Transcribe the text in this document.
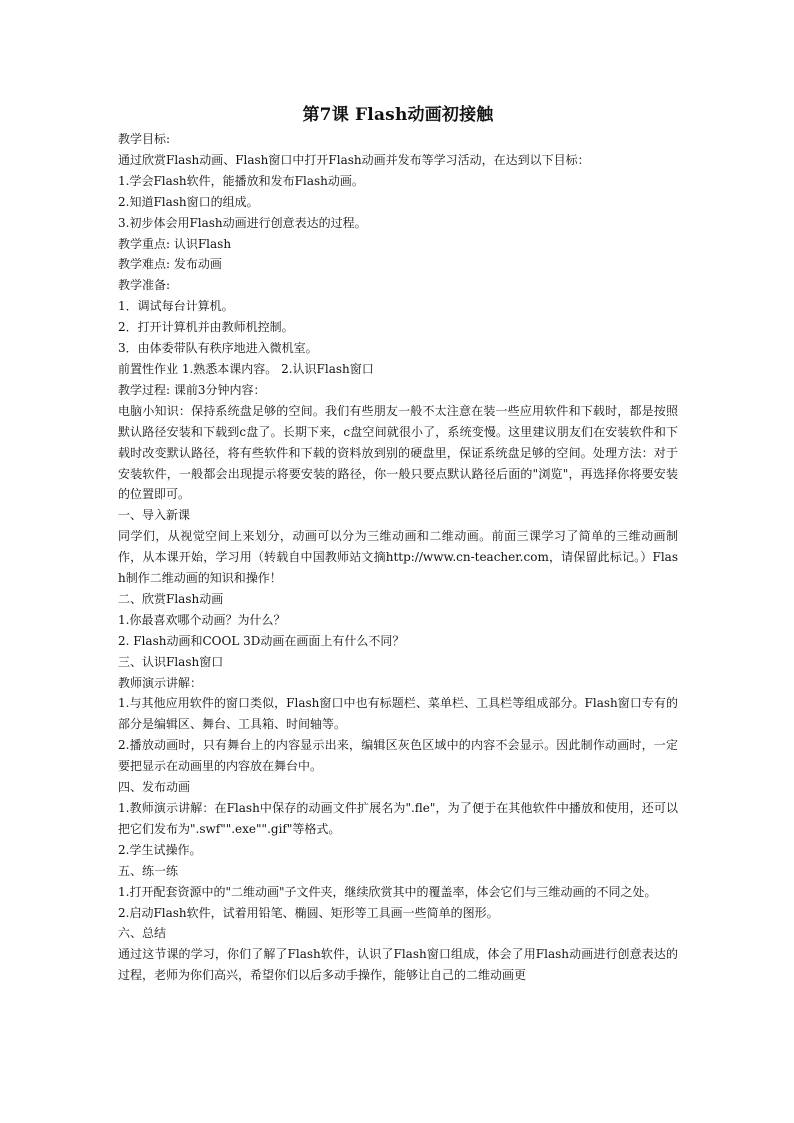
第7课 Flash动画初接触

教学目标:

通过欣赏Flash动画、Flash窗口中打开Flash动画并发布等学习活动，在达到以下目标：

1.学会Flash软件，能播放和发布Flash动画。

2.知道Flash窗口的组成。

3.初步体会用Flash动画进行创意表达的过程。

教学重点: 认识Flash

教学难点: 发布动画

教学准备:

1．调试每台计算机。

2．打开计算机并由教师机控制。

3．由体委带队有秩序地进入微机室。

前置性作业 1.熟悉本课内容。 2.认识Flash窗口

教学过程: 课前3分钟内容：

电脑小知识：保持系统盘足够的空间。我们有些朋友一般不太注意在装一些应用软件和下载时，都是按照默认路径安装和下载到c盘了。长期下来，c盘空间就很小了，系统变慢。这里建议朋友们在安装软件和下载时改变默认路径，将有些软件和下载的资料放到别的硬盘里，保证系统盘足够的空间。处理方法：对于安装软件，一般都会出现提示将要安装的路径，你一般只要点默认路径后面的"浏览"，再选择你将要安装的位置即可。

一、导入新课

同学们，从视觉空间上来划分，动画可以分为三维动画和二维动画。前面三课学习了简单的三维动画制作，从本课开始，学习用（转载自中国教师站文摘http://www.cn-teacher.com，请保留此标记。）Flash制作二维动画的知识和操作！

二、欣赏Flash动画

1.你最喜欢哪个动画？为什么？

2. Flash动画和COOL 3D动画在画面上有什么不同？

三、认识Flash窗口

教师演示讲解：

1.与其他应用软件的窗口类似，Flash窗口中也有标题栏、菜单栏、工具栏等组成部分。Flash窗口专有的部分是编辑区、舞台、工具箱、时间轴等。

2.播放动画时，只有舞台上的内容显示出来，编辑区灰色区域中的内容不会显示。因此制作动画时，一定要把显示在动画里的内容放在舞台中。

四、发布动画

1.教师演示讲解：在Flash中保存的动画文件扩展名为".fle"，为了便于在其他软件中播放和使用，还可以把它们发布为".swf"".exe"".gif"等格式。

2.学生试操作。

五、练一练

1.打开配套资源中的"二维动画"子文件夹，继续欣赏其中的覆盖率，体会它们与三维动画的不同之处。

2.启动Flash软件，试着用铅笔、椭圆、矩形等工具画一些简单的图形。

六、总结

通过这节课的学习，你们了解了Flash软件，认识了Flash窗口组成，体会了用Flash动画进行创意表达的过程，老师为你们高兴，希望你们以后多动手操作，能够让自己的二维动画更
